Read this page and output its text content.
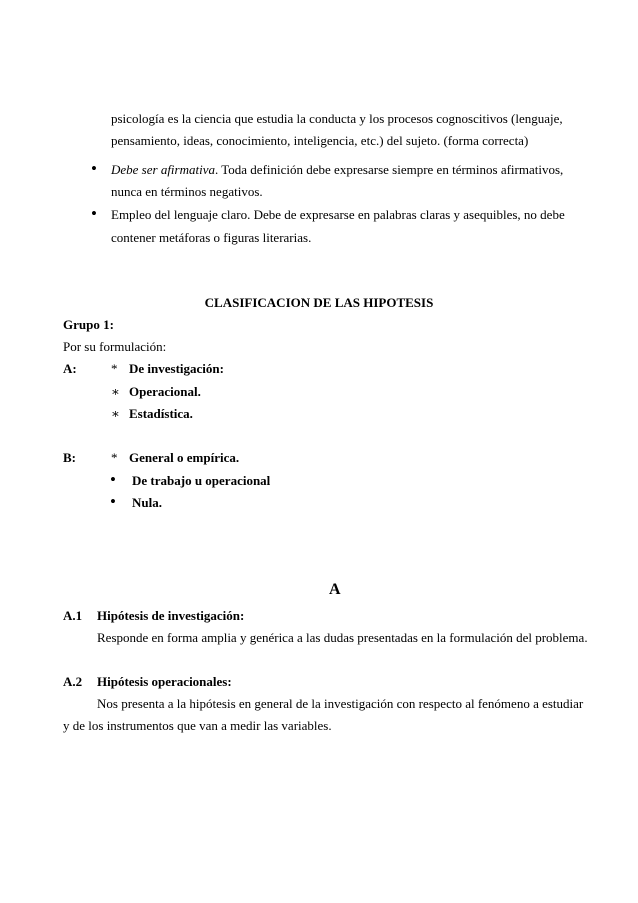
psicología es la ciencia que estudia la conducta y los procesos cognoscitivos (lenguaje,
pensamiento, ideas, conocimiento, inteligencia, etc.) del sujeto. (forma correcta)
• Debe ser afirmativa. Toda definición debe expresarse siempre en términos afirmativos,
nunca en términos negativos.
• Empleo del lenguaje claro. Debe de expresarse en palabras claras y asequibles, no debe
contener metáforas o figuras literarias.
CLASIFICACION DE LAS HIPOTESIS
Grupo 1:
Por su formulación:
A:	* De investigación:
∗ Operacional.
∗ Estadística.
B:	* General o empírica.
• De trabajo u operacional
• Nula.
A
A.1 Hipótesis de investigación:
Responde en forma amplia y genérica a las dudas presentadas en la formulación del problema.
A.2 Hipótesis operacionales:
Nos presenta a la hipótesis en general de la investigación con respecto al fenómeno a estudiar
y de los instrumentos que van a medir las variables.
